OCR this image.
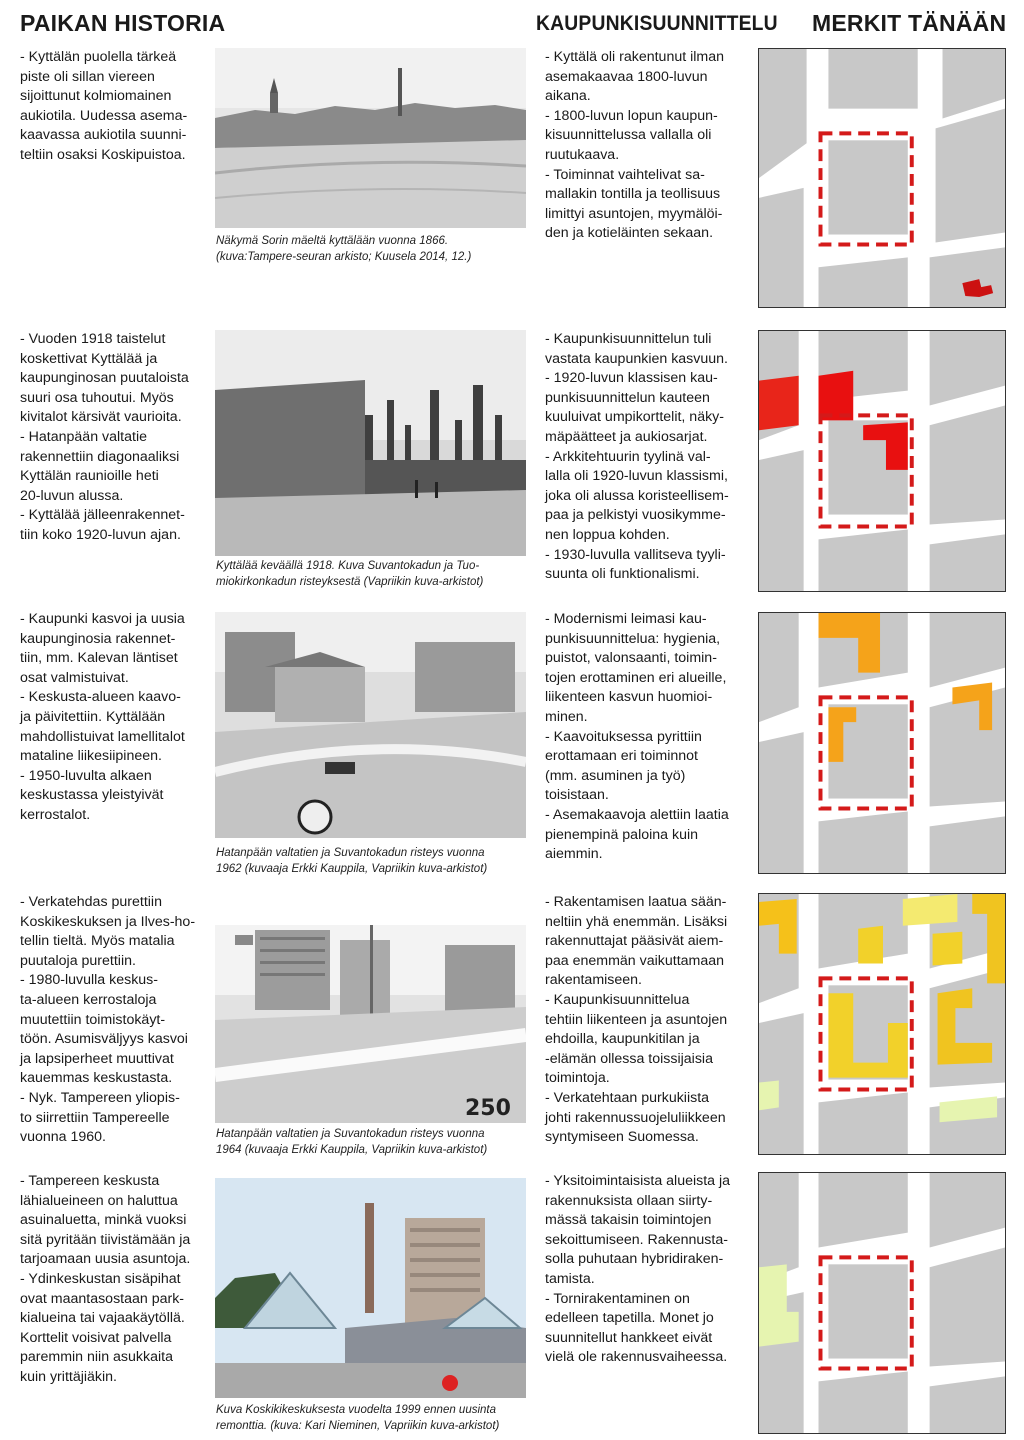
PAIKAN HISTORIA	KAUPUNKISUUNNITTELU MERKIT TÄNÄÄN
- Kyttälän puolella tärkeä
piste oli sillan viereen
sijoittunut kolmiomainen
aukiotila. Uudessa asema-
kaavassa aukiotila suunni-
teltiin osaksi Koskipuistoa.
Näkymä Sorin mäeltä kyttälään vuonna 1866.
(kuva:Tampere-seuran arkisto; Kuusela 2014, 12.)
- Kyttälä oli rakentunut ilman
asemakaavaa 1800-luvun
aikana.
- 1800-luvun lopun kaupun-
kisuunnittelussa vallalla oli
ruutukaava.
- Toiminnat vaihtelivat sa-
mallakin tontilla ja teollisuus
limittyi asuntojen, myymälöi-
den ja kotieläinten sekaan.
- Vuoden 1918 taistelut
koskettivat Kyttälää ja
kaupunginosan puutaloista
suuri osa tuhoutui. Myös
kivitalot kärsivät vaurioita.
- Hatanpään valtatie
rakennettiin diagonaaliksi
Kyttälän raunioille heti
20-luvun alussa.
- Kyttälää jälleenrakennet-
tiin koko 1920-luvun ajan.
Kyttälää keväällä 1918. Kuva Suvantokadun ja Tuo-
miokirkonkadun risteyksestä (Vapriikin kuva-arkistot)
- Kaupunkisuunnittelun tuli
vastata kaupunkien kasvuun.
- 1920-luvun klassisen kau-
punkisuunnittelun kauteen
kuuluivat umpikorttelit, näky-
mäpäätteet ja aukiosarjat.
- Arkkitehtuurin tyylinä val-
lalla oli 1920-luvun klassismi,
joka oli alussa koristeellisem-
paa ja pelkistyi vuosikymme-
nen loppua kohden.
- 1930-luvulla vallitseva tyyli-
suunta oli funktionalismi.
- Kaupunki kasvoi ja uusia
kaupunginosia rakennet-
tiin, mm. Kalevan läntiset
osat valmistuivat.
- Keskusta-alueen kaavo-
ja päivitettiin. Kyttälään
mahdollistuivat lamellitalot
mataline liikesiipineen.
- 1950-luvulta alkaen
keskustassa yleistyivät
kerrostalot.
Hatanpään valtatien ja Suvantokadun risteys vuonna
1962 (kuvaaja Erkki Kauppila, Vapriikin kuva-arkistot)
- Modernismi leimasi kau-
punkisuunnittelua: hygienia,
puistot, valonsaanti, toimin-
tojen erottaminen eri alueille,
liikenteen kasvun huomioi-
minen.
- Kaavoituksessa pyrittiin
erottamaan eri toiminnot
(mm. asuminen ja työ)
toisistaan.
- Asemakaavoja alettiin laatia
pienempinä paloina kuin
aiemmin.
- Verkatehdas purettiin
Koskikeskuksen ja Ilves-ho-
tellin tieltä. Myös matalia
puutaloja purettiin.
- 1980-luvulla keskus-
ta-alueen kerrostaloja
muutettiin toimistokäyt-
töön. Asumisväljyys kasvoi
ja lapsiperheet muuttivat
kauemmas keskustasta.
- Nyk. Tampereen yliopis-
to siirrettiin Tampereelle
vuonna 1960.
250
Hatanpään valtatien ja Suvantokadun risteys vuonna
1964 (kuvaaja Erkki Kauppila, Vapriikin kuva-arkistot)
- Rakentamisen laatua sään-
neltiin yhä enemmän. Lisäksi
rakennuttajat pääsivät aiem-
paa enemmän vaikuttamaan
rakentamiseen.
- Kaupunkisuunnittelua
tehtiin liikenteen ja asuntojen
ehdoilla, kaupunkitilan ja
-elämän ollessa toissijaisia
toimintoja.
- Verkatehtaan purkukiista
johti rakennussuojeluliikkeen
syntymiseen Suomessa.
- Tampereen keskusta
lähialueineen on haluttua
asuinaluetta, minkä vuoksi
sitä pyritään tiivistämään ja
tarjoamaan uusia asuntoja.
- Ydinkeskustan sisäpihat
ovat maantasostaan park-
kialueina tai vajaakäytöllä.
Korttelit voisivat palvella
paremmin niin asukkaita
kuin yrittäjiäkin.
Kuva Koskikikeskuksesta vuodelta 1999 ennen uusinta
remonttia. (kuva: Kari Nieminen, Vapriikin kuva-arkistot)
- Yksitoimintaisista alueista ja
rakennuksista ollaan siirty-
mässä takaisin toimintojen
sekoittumiseen. Rakennusta-
solla puhutaan hybridiraken-
tamista.
- Tornirakentaminen on
edelleen tapetilla. Monet jo
suunnitellut hankkeet eivät
vielä ole rakennusvaiheessa.
